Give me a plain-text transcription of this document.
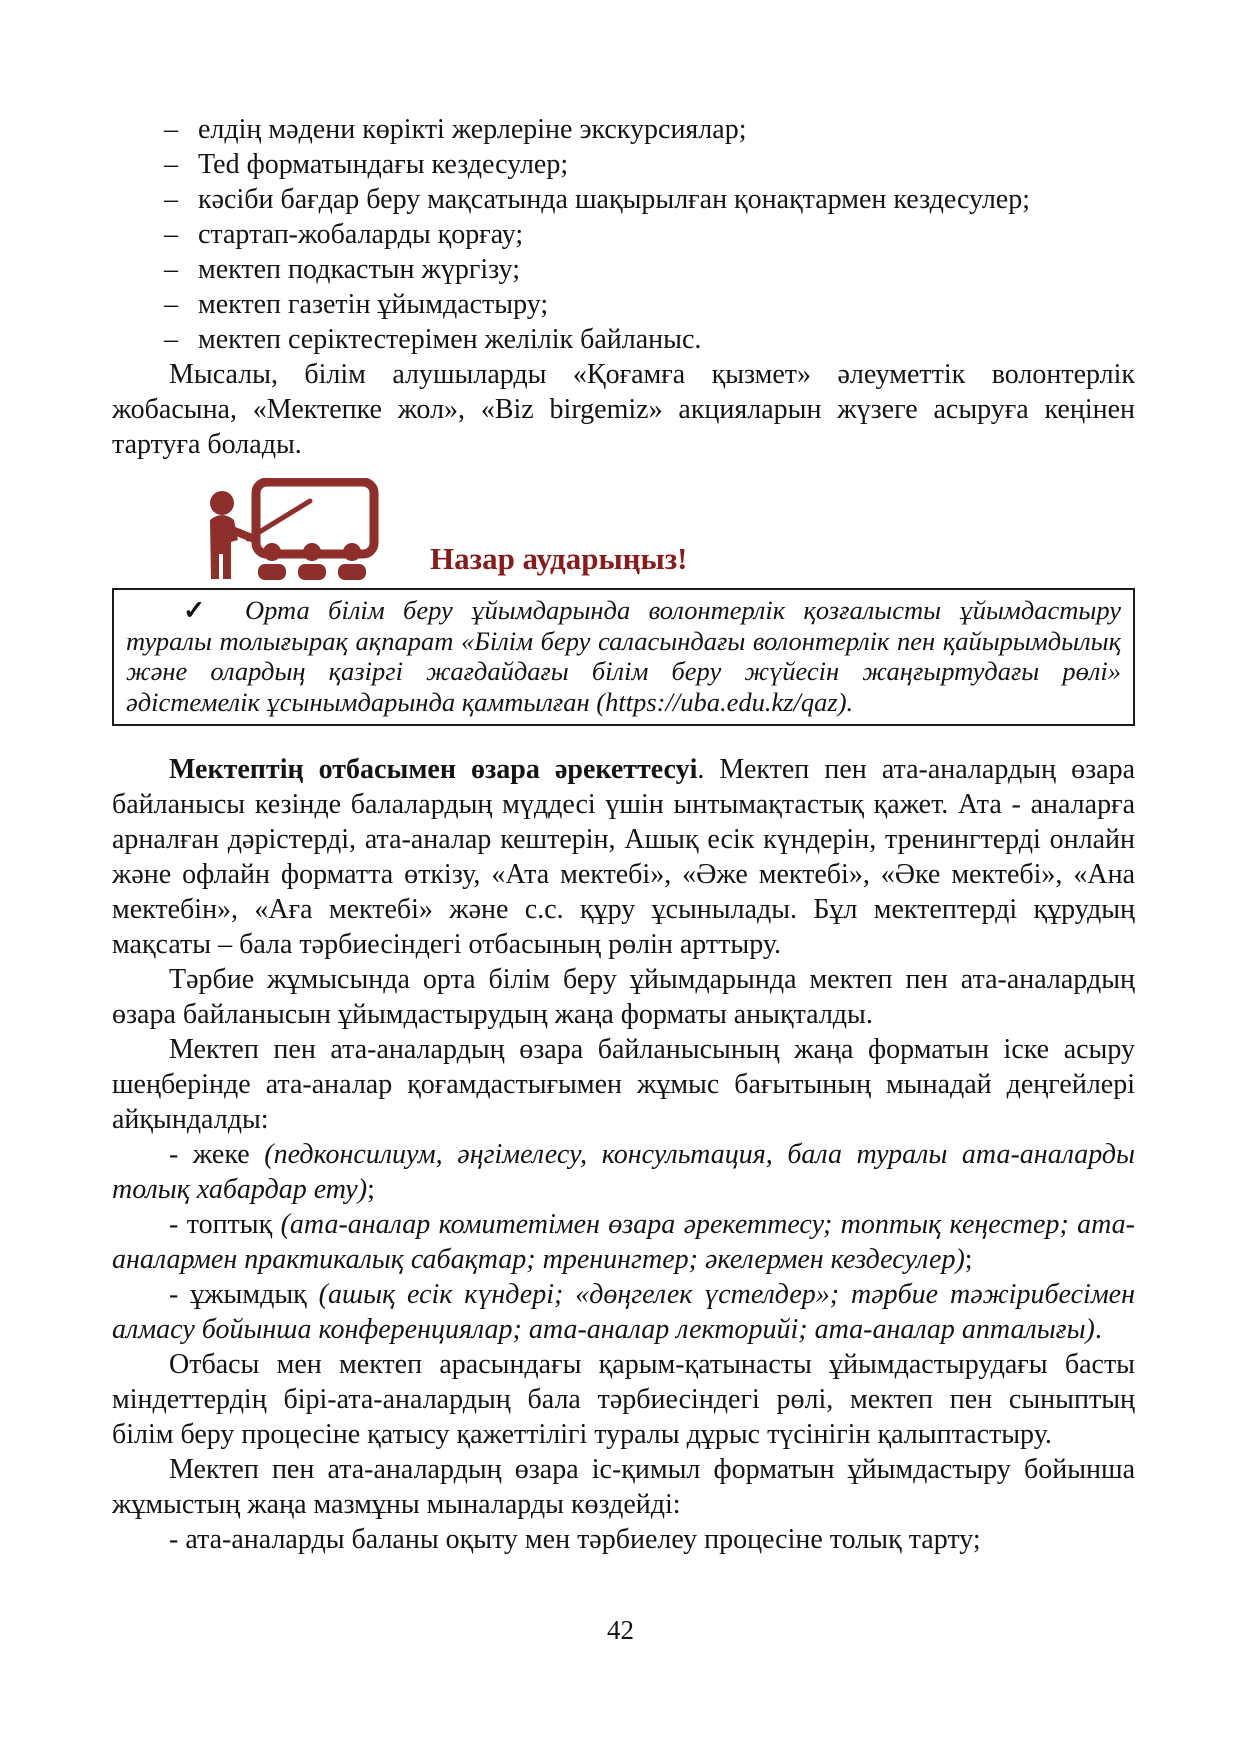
– елдің мәдени көрікті жерлеріне экскурсиялар;
– Ted форматындағы кездесулер;
– кәсіби бағдар беру мақсатында шақырылған қонақтармен кездесулер;
– стартап-жобаларды қорғау;
– мектеп подкастын жүргізу;
– мектеп газетін ұйымдастыру;
– мектеп серіктестерімен желілік байланыс.

Мысалы, білім алушыларды «Қоғамға қызмет» әлеуметтік волонтерлік жобасына, «Мектепке жол», «Biz birgemiz» акцияларын жүзеге асыруға кеңінен тартуға болады.

Назар аударыңыз!

✓ Орта білім беру ұйымдарында волонтерлік қозғалысты ұйымдастыру туралы толығырақ ақпарат «Білім беру саласындағы волонтерлік пен қайырымдылық және олардың қазіргі жағдайдағы білім беру жүйесін жаңғыртудағы рөлі» әдістемелік ұсынымдарында қамтылған (https://uba.edu.kz/qaz).

Мектептің отбасымен өзара әрекеттесуі. Мектеп пен ата-аналардың өзара байланысы кезінде балалардың мүддесі үшін ынтымақтастық қажет. Ата - аналарға арналған дәрістерді, ата-аналар кештерін, Ашық есік күндерін, тренингтерді онлайн және офлайн форматта өткізу, «Ата мектебі», «Әже мектебі», «Әке мектебі», «Ана мектебін», «Аға мектебі» және с.с. құру ұсынылады. Бұл мектептерді құрудың мақсаты – бала тәрбиесіндегі отбасының рөлін арттыру.

Тәрбие жұмысында орта білім беру ұйымдарында мектеп пен ата-аналардың өзара байланысын ұйымдастырудың жаңа форматы анықталды.

Мектеп пен ата-аналардың өзара байланысының жаңа форматын іске асыру шеңберінде ата-аналар қоғамдастығымен жұмыс бағытының мынадай деңгейлері айқындалды:

- жеке (педконсилиум, әңгімелесу, консультация, бала туралы ата-аналарды толық хабардар ету);

- топтық (ата-аналар комитетімен өзара әрекеттесу; топтық кеңестер; ата-аналармен практикалық сабақтар; тренингтер; әкелермен кездесулер);

- ұжымдық (ашық есік күндері; «дөңгелек үстелдер»; тәрбие тәжірибесімен алмасу бойынша конференциялар; ата-аналар лекторийі; ата-аналар апталығы).

Отбасы мен мектеп арасындағы қарым-қатынасты ұйымдастырудағы басты міндеттердің бірі-ата-аналардың бала тәрбиесіндегі рөлі, мектеп пен сыныптың білім беру процесіне қатысу қажеттілігі туралы дұрыс түсінігін қалыптастыру.

Мектеп пен ата-аналардың өзара іс-қимыл форматын ұйымдастыру бойынша жұмыстың жаңа мазмұны мыналарды көздейді:

- ата-аналарды баланы оқыту мен тәрбиелеу процесіне толық тарту;

42
